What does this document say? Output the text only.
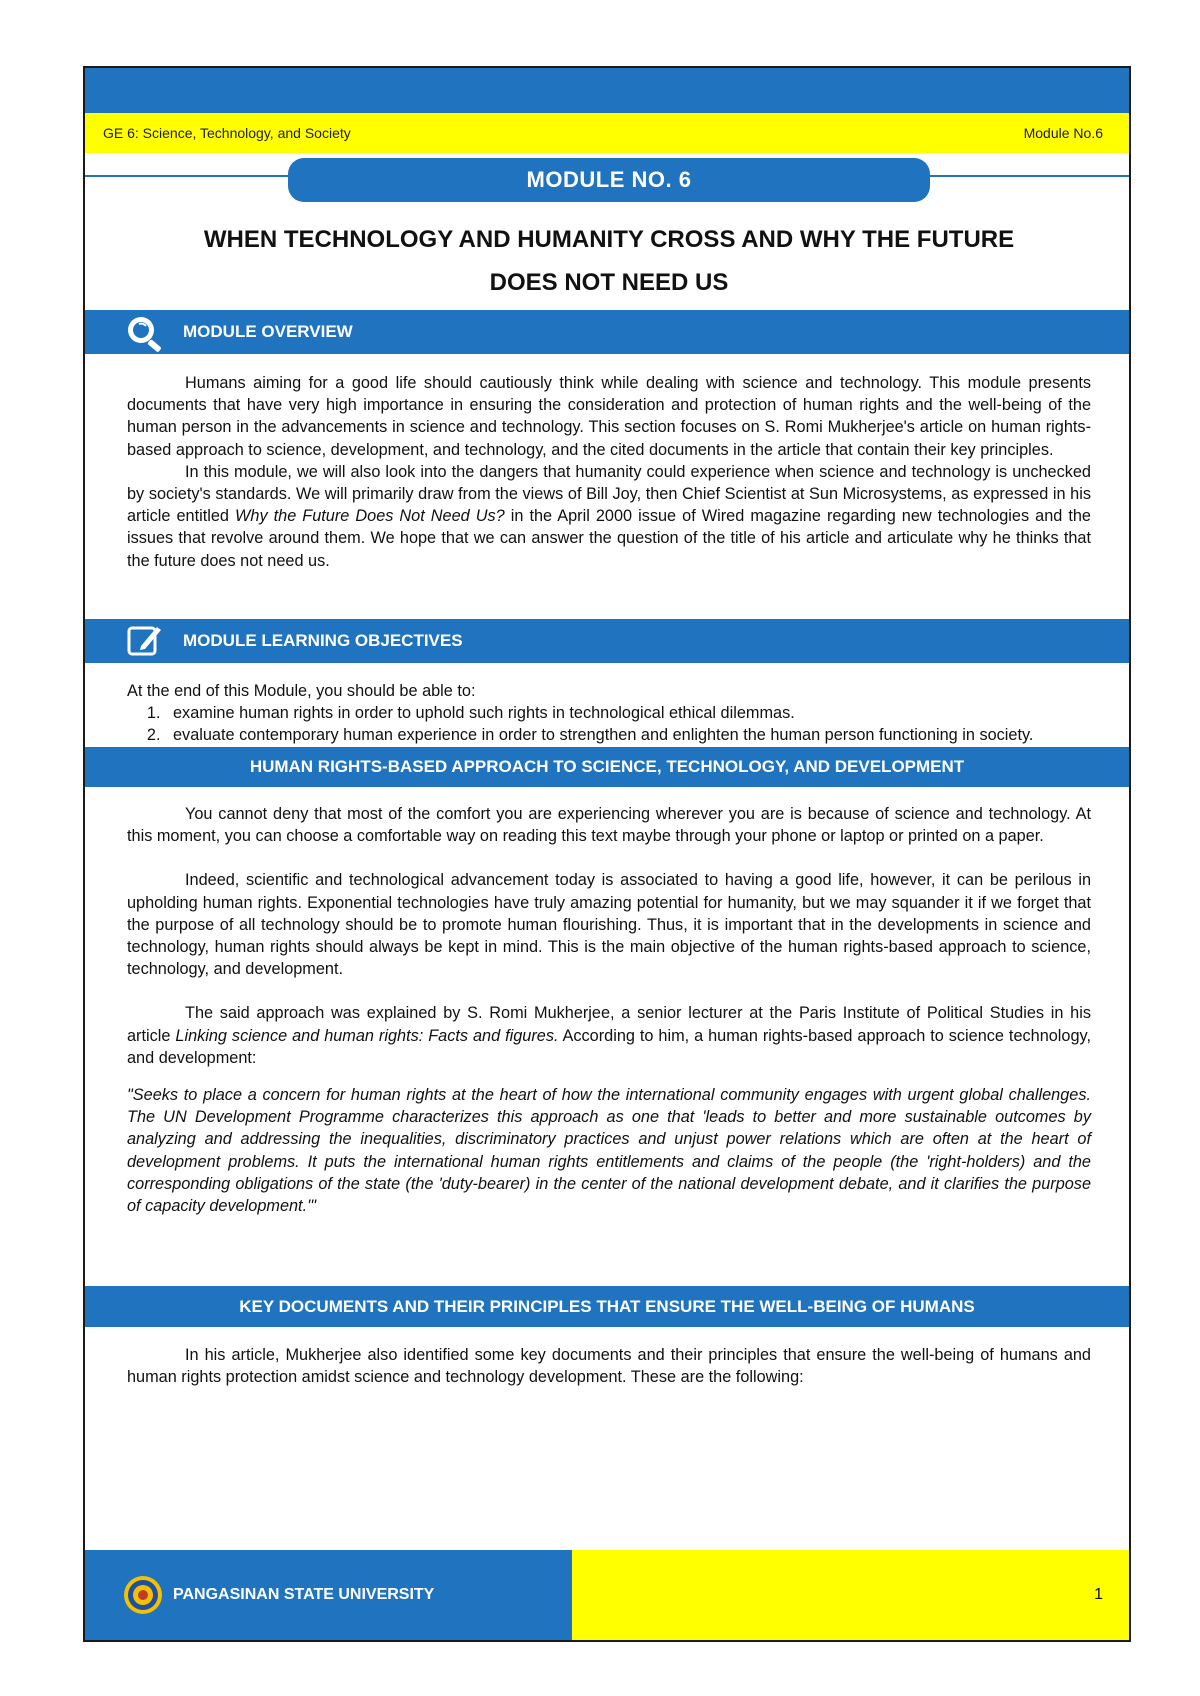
GE 6: Science, Technology, and Society	Module No.6
MODULE NO. 6
WHEN TECHNOLOGY AND HUMANITY CROSS AND WHY THE FUTURE
DOES NOT NEED US
MODULE OVERVIEW

Humans aiming for a good life should cautiously think while dealing with science and technology. This module presents documents that have very high importance in ensuring the consideration and protection of human rights and the well-being of the human person in the advancements in science and technology. This section focuses on S. Romi Mukherjee's article on human rights-based approach to science, development, and technology, and the cited documents in the article that contain their key principles.

In this module, we will also look into the dangers that humanity could experience when science and technology is unchecked by society's standards. We will primarily draw from the views of Bill Joy, then Chief Scientist at Sun Microsystems, as expressed in his article entitled Why the Future Does Not Need Us? in the April 2000 issue of Wired magazine regarding new technologies and the issues that revolve around them. We hope that we can answer the question of the title of his article and articulate why he thinks that the future does not need us.

MODULE LEARNING OBJECTIVES

At the end of this Module, you should be able to:

1. examine human rights in order to uphold such rights in technological ethical dilemmas.
2. evaluate contemporary human experience in order to strengthen and enlighten the human person functioning in society.
HUMAN RIGHTS-BASED APPROACH TO SCIENCE, TECHNOLOGY, AND DEVELOPMENT

You cannot deny that most of the comfort you are experiencing wherever you are is because of science and technology. At this moment, you can choose a comfortable way on reading this text maybe through your phone or laptop or printed on a paper.

Indeed, scientific and technological advancement today is associated to having a good life, however, it can be perilous in upholding human rights. Exponential technologies have truly amazing potential for humanity, but we may squander it if we forget that the purpose of all technology should be to promote human flourishing. Thus, it is important that in the developments in science and technology, human rights should always be kept in mind. This is the main objective of the human rights-based approach to science, technology, and development.

The said approach was explained by S. Romi Mukherjee, a senior lecturer at the Paris Institute of Political Studies in his article Linking science and human rights: Facts and figures. According to him, a human rights-based approach to science technology, and development:

"Seeks to place a concern for human rights at the heart of how the international community engages with urgent global challenges. The UN Development Programme characterizes this approach as one that 'leads to better and more sustainable outcomes by analyzing and addressing the inequalities, discriminatory practices and unjust power relations which are often at the heart of development problems. It puts the international human rights entitlements and claims of the people (the 'right-holders) and the corresponding obligations of the state (the 'duty-bearer) in the center of the national development debate, and it clarifies the purpose of capacity development.'"

KEY DOCUMENTS AND THEIR PRINCIPLES THAT ENSURE THE WELL-BEING OF HUMANS

In his article, Mukherjee also identified some key documents and their principles that ensure the well-being of humans and human rights protection amidst science and technology development. These are the following:

PANGASINAN STATE UNIVERSITY	1
